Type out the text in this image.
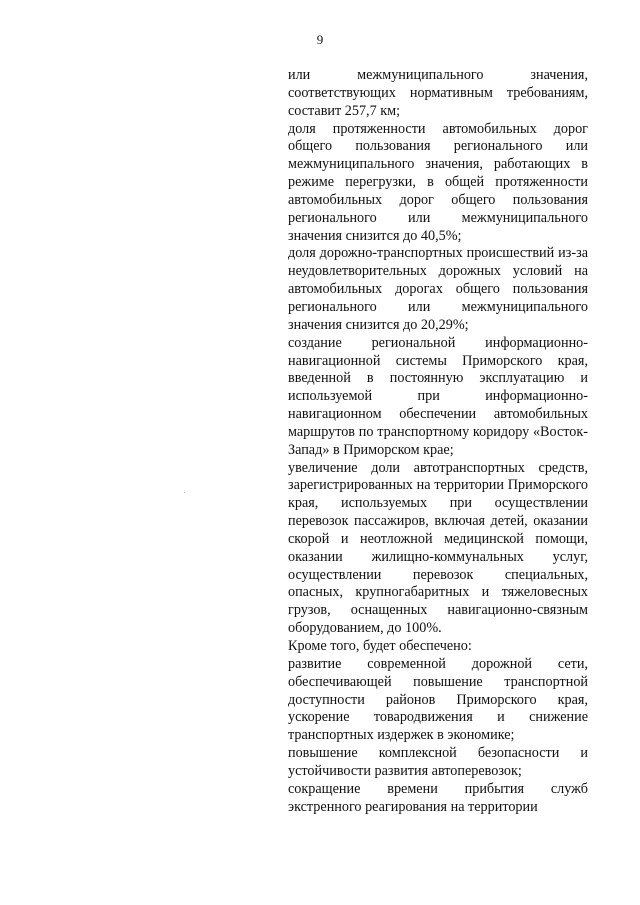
9

или межмуниципального значения, соответствующих нормативным требованиям, составит 257,7 км;

доля протяженности автомобильных дорог общего пользования регионального или межмуниципального значения, работающих в режиме перегрузки, в общей протяженности автомобильных дорог общего пользования регионального или межмуниципального значения снизится до 40,5%;

доля дорожно-транспортных происшествий из-за неудовлетворительных дорожных условий на автомобильных дорогах общего пользования регионального или межмуниципального значения снизится до 20,29%;

создание региональной информационно-навигационной системы Приморского края, введенной в постоянную эксплуатацию и используемой при информационно-навигационном обеспечении автомобильных маршрутов по транспортному коридору «Восток-Запад» в Приморском крае;

увеличение доли автотранспортных средств, зарегистрированных на территории Приморского края, используемых при осуществлении перевозок пассажиров, включая детей, оказании скорой и неотложной медицинской помощи, оказании жилищно-коммунальных услуг, осуществлении перевозок специальных, опасных, крупногабаритных и тяжеловесных грузов, оснащенных навигационно-связным оборудованием, до 100%.

Кроме того, будет обеспечено:

развитие современной дорожной сети, обеспечивающей повышение транспортной доступности районов Приморского края, ускорение товародвижения и снижение транспортных издержек в экономике;

повышение комплексной безопасности и устойчивости развития автоперевозок;

сокращение времени прибытия служб экстренного реагирования на территории
